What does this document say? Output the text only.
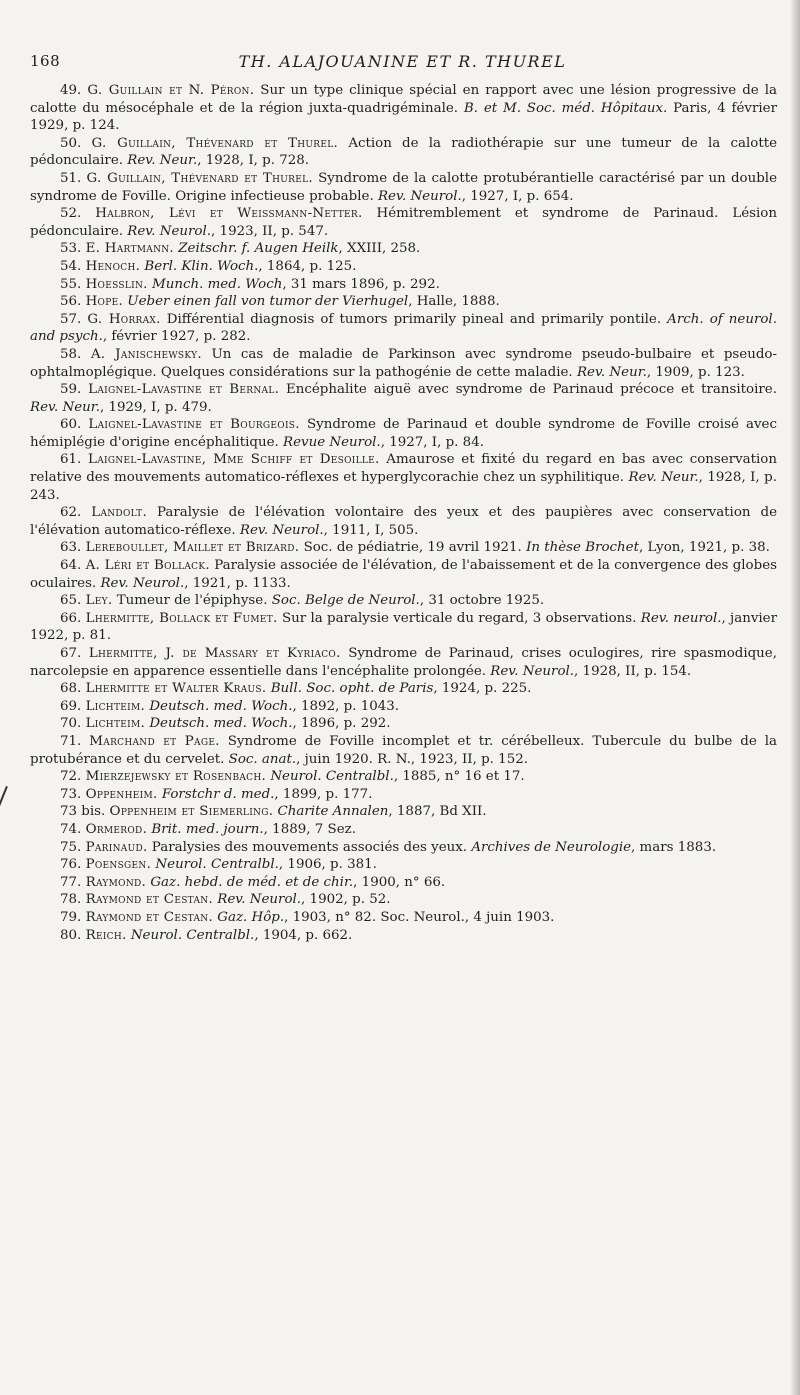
168	TH. ALAJOUANINE ET R. THUREL

49. G. Guillain et N. Péron. Sur un type clinique spécial en rapport avec une lésion progressive de la calotte du mésocéphale et de la région juxta-quadrigéminale. B. et M. Soc. méd. Hôpitaux. Paris, 4 février 1929, p. 124.

50. G. Guillain, Thévenard et Thurel. Action de la radiothérapie sur une tumeur de la calotte pédonculaire. Rev. Neur., 1928, I, p. 728.

51. G. Guillain, Thévenard et Thurel. Syndrome de la calotte protubérantielle caractérisé par un double syndrome de Foville. Origine infectieuse probable. Rev. Neurol., 1927, I, p. 654.

52. Halbron, Lévi et Weissmann-Netter. Hémitremblement et syndrome de Parinaud. Lésion pédonculaire. Rev. Neurol., 1923, II, p. 547.

53. E. Hartmann. Zeitschr. f. Augen Heilk, XXIII, 258.

54. Henoch. Berl. Klin. Woch., 1864, p. 125.

55. Hoesslin. Munch. med. Woch, 31 mars 1896, p. 292.

56. Hope. Ueber einen fall von tumor der Vierhugel, Halle, 1888.

57. G. Horrax. Différential diagnosis of tumors primarily pineal and primarily pontile. Arch. of neurol. and psych., février 1927, p. 282.

58. A. Janischewsky. Un cas de maladie de Parkinson avec syndrome pseudo-bulbaire et pseudo-ophtalmoplégique. Quelques considérations sur la pathogénie de cette maladie. Rev. Neur., 1909, p. 123.

59. Laignel-Lavastine et Bernal. Encéphalite aiguë avec syndrome de Parinaud précoce et transitoire. Rev. Neur., 1929, I, p. 479.

60. Laignel-Lavastine et Bourgeois. Syndrome de Parinaud et double syndrome de Foville croisé avec hémiplégie d'origine encéphalitique. Revue Neurol., 1927, I, p. 84.

61. Laignel-Lavastine, Mme Schiff et Desoille. Amaurose et fixité du regard en bas avec conservation relative des mouvements automatico-réflexes et hyperglycorachie chez un syphilitique. Rev. Neur., 1928, I, p. 243.

62. Landolt. Paralysie de l'élévation volontaire des yeux et des paupières avec conservation de l'élévation automatico-réflexe. Rev. Neurol., 1911, I, 505.

63. Lereboullet, Maillet et Brizard. Soc. de pédiatrie, 19 avril 1921. In thèse Brochet, Lyon, 1921, p. 38.

64. A. Léri et Bollack. Paralysie associée de l'élévation, de l'abaissement et de la convergence des globes oculaires. Rev. Neurol., 1921, p. 1133.

65. Ley. Tumeur de l'épiphyse. Soc. Belge de Neurol., 31 octobre 1925.

66. Lhermitte, Bollack et Fumet. Sur la paralysie verticale du regard, 3 observations. Rev. neurol., janvier 1922, p. 81.

67. Lhermitte, J. de Massary et Kyriaco. Syndrome de Parinaud, crises oculogires, rire spasmodique, narcolepsie en apparence essentielle dans l'encéphalite prolongée. Rev. Neurol., 1928, II, p. 154.

68. Lhermitte et Walter Kraus. Bull. Soc. opht. de Paris, 1924, p. 225.

69. Lichteim. Deutsch. med. Woch., 1892, p. 1043.

70. Lichteim. Deutsch. med. Woch., 1896, p. 292.

71. Marchand et Page. Syndrome de Foville incomplet et tr. cérébelleux. Tubercule du bulbe de la protubérance et du cervelet. Soc. anat., juin 1920. R. N., 1923, II, p. 152.

72. Mierzejewsky et Rosenbach. Neurol. Centralbl., 1885, n° 16 et 17.

73. Oppenheim. Forstchr d. med., 1899, p. 177.

73 bis. Oppenheim et Siemerling. Charite Annalen, 1887, Bd XII.

74. Ormerod. Brit. med. journ., 1889, 7 Sez.

75. Parinaud. Paralysies des mouvements associés des yeux. Archives de Neurologie, mars 1883.

76. Poensgen. Neurol. Centralbl., 1906, p. 381.

77. Raymond. Gaz. hebd. de méd. et de chir., 1900, n° 66.

78. Raymond et Cestan. Rev. Neurol., 1902, p. 52.

79. Raymond et Cestan. Gaz. Hôp., 1903, n° 82. Soc. Neurol., 4 juin 1903.

80. Reich. Neurol. Centralbl., 1904, p. 662.
